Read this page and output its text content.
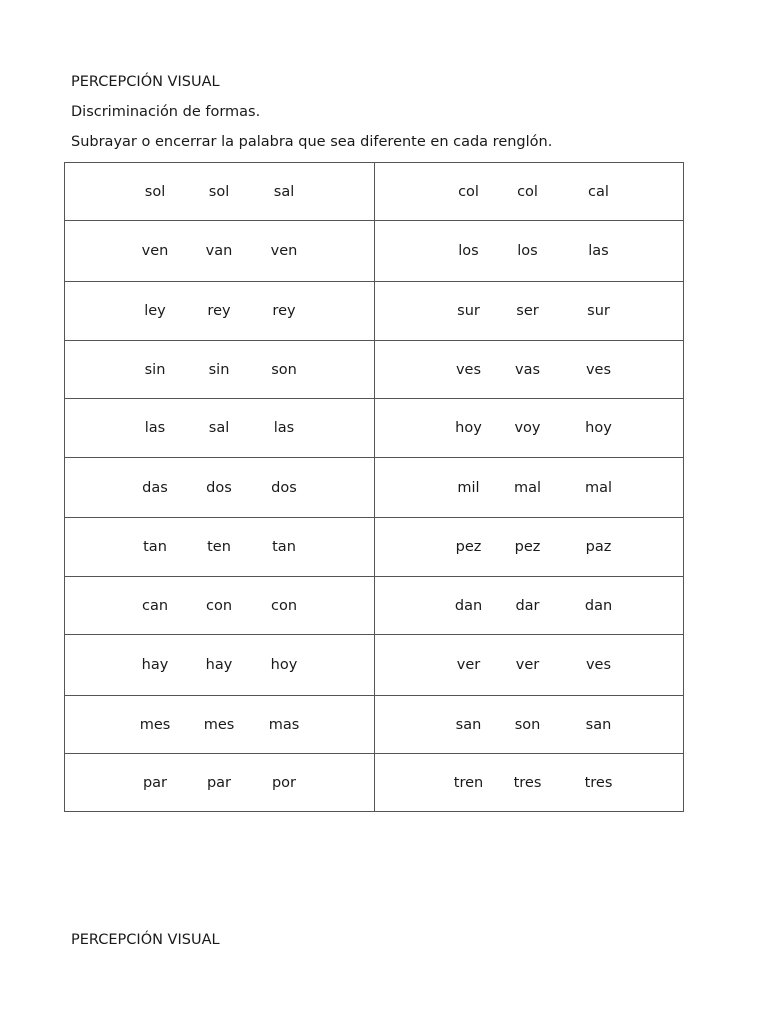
PERCEPCIÓN VISUAL

Discriminación de formas.

Subrayar o encerrar la palabra que sea diferente en cada renglón.

sol sol sal	col col cal

ven van ven	los los las

ley rey rey	sur ser sur

sin sin son	ves vas ves

las sal las	hoy voy hoy

das dos dos	mil mal mal

tan ten tan	pez pez paz

can con con	dan dar dan

hay hay hoy	ver ver ves

mes mes mas	san son san

par par por	tren tres tres

PERCEPCIÓN VISUAL
